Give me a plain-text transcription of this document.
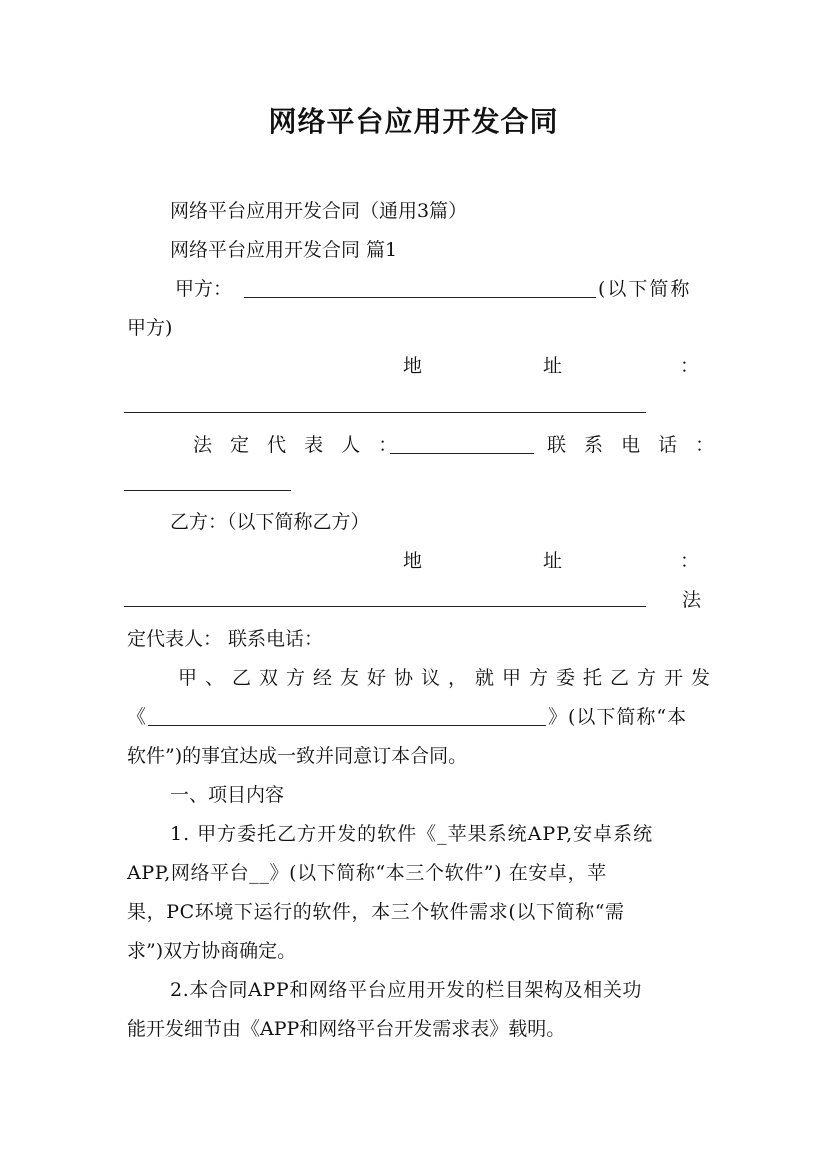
网络平台应用开发合同
网络平台应用开发合同（通用3篇）
网络平台应用开发合同 篇1
甲方：	(以下简称
甲方)
地	址	：
法 定 代 表 人 ：	联 系 电 话 ：
乙方：（以下简称乙方）
地	址	：
法
定代表人： 联系电话：
甲、乙双方经友好协议，就甲方委托乙方开发
《	》(以下简称“本
软件”)的事宜达成一致并同意订本合同。
一、项目内容
1. 甲方委托乙方开发的软件《_苹果系统APP,安卓系统
APP,网络平台__》(以下简称“本三个软件”) 在安卓，苹
果，PC环境下运行的软件，本三个软件需求(以下简称“需
求”)双方协商确定。
2.本合同APP和网络平台应用开发的栏目架构及相关功
能开发细节由《APP和网络平台开发需求表》载明。
